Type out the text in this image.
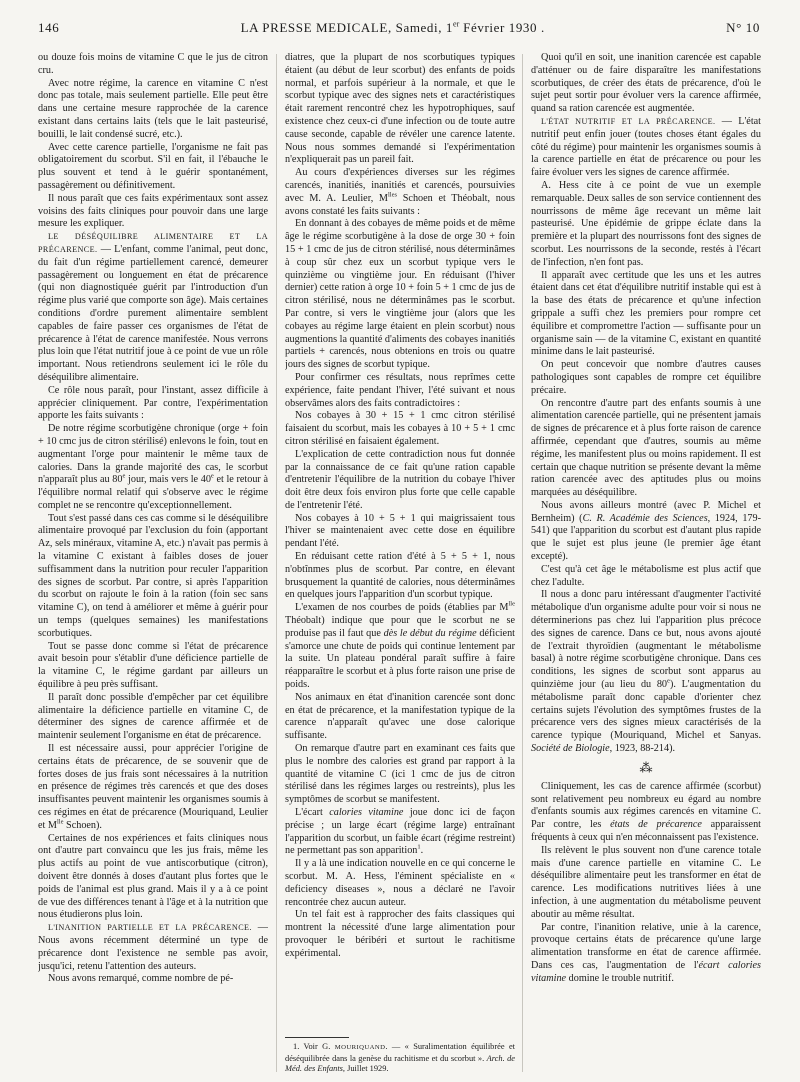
146	LA PRESSE MEDICALE, Samedi, 1er Février 1930 .	N° 10

ou douze fois moins de vitamine C que le jus de citron cru.

Avec notre régime, la carence en vitamine C n'est donc pas totale, mais seulement partielle. Elle peut être dans une certaine mesure rapprochée de la carence existant dans certains laits (tels que le lait pasteurisé, bouilli, le lait condensé sucré, etc.).

Avec cette carence partielle, l'organisme ne fait pas obligatoirement du scorbut. S'il en fait, il l'ébauche le plus souvent et tend à le guérir spontanément, passagèrement ou définitivement.

Il nous paraît que ces faits expérimentaux sont assez voisins des faits cliniques pour pouvoir dans une large mesure les expliquer.

LE DÉSÉQUILIBRE ALIMENTAIRE ET LA PRÉCARENCE. — L'enfant, comme l'animal, peut donc, du fait d'un régime partiellement carencé, demeurer passagèrement ou longuement en état de précarence (qui non diagnostiquée guérit par l'introduction d'un régime plus varié que comporte son âge). Mais certaines conditions d'ordre purement alimentaire semblent capables de faire passer ces organismes de l'état de précarence à l'état de carence manifestée. Nous verrons plus loin que l'état nutritif joue à ce point de vue un rôle important. Nous retiendrons seulement ici le rôle du déséquilibre alimentaire.

Ce rôle nous paraît, pour l'instant, assez difficile à apprécier cliniquement. Par contre, l'expérimentation apporte les faits suivants :

De notre régime scorbutigène chronique (orge + foin + 10 cmc jus de citron stérilisé) enlevons le foin, tout en augmentant l'orge pour maintenir le même taux de calories. Dans la grande majorité des cas, le scorbut n'apparaît plus au 80e jour, mais vers le 40e et le retour à l'équilibre normal relatif qui s'observe avec le régime complet ne se rencontre qu'exceptionnellement.

Tout s'est passé dans ces cas comme si le déséquilibre alimentaire provoqué par l'exclusion du foin (apportant Az, sels minéraux, vitamine A, etc.) n'avait pas permis à la vitamine C existant à faibles doses de jouer suffisamment dans la nutrition pour reculer l'apparition des signes de scorbut. Par contre, si après l'apparition du scorbut on rajoute le foin à la ration (foin sec sans vitamine C), on tend à améliorer et même à guérir pour un temps (quelques semaines) les manifestations scorbutiques.

Tout se passe donc comme si l'état de précarence avait besoin pour s'établir d'une déficience partielle de la vitamine C, le régime gardant par ailleurs un équilibre à peu près suffisant.

Il paraît donc possible d'empêcher par cet équilibre alimentaire la déficience partielle en vitamine C, de déterminer des signes de carence affirmée et de maintenir seulement l'organisme en état de précarence.

Il est nécessaire aussi, pour apprécier l'origine de certains états de précarence, de se souvenir que de fortes doses de jus frais sont nécessaires à la nutrition en présence de régimes très carencés et que des doses insuffisantes peuvent maintenir les organismes soumis à ces régimes en état de précarence (Mouriquand, Leulier et $M^{lle}$ Schoen).

Certaines de nos expériences et faits cliniques nous ont d'autre part convaincu que les jus frais, même les plus actifs au point de vue antiscorbutique (citron), doivent être donnés à doses d'autant plus fortes que le poids de l'animal est plus grand. Mais il y a à ce point de vue des différences tenant à l'âge et à la nutrition que nous étudierons plus loin.

L'INANITION PARTIELLE ET LA PRÉCARENCE. — Nous avons récemment déterminé un type de précarence dont l'existence ne semble pas avoir, jusqu'ici, retenu l'attention des auteurs.

Nous avons remarqué, comme nombre de pé-

diatres, que la plupart de nos scorbutiques typiques étaient (au début de leur scorbut) des enfants de poids normal, et parfois supérieur à la normale, et que le scorbut typique avec des signes nets et caractéristiques était rarement rencontré chez les hypotrophiques, sauf existence chez ceux-ci d'une infection ou de toute autre cause seconde, capable de révéler une carence latente. Nous nous sommes demandé si l'expérimentation n'expliquerait pas un pareil fait.

Au cours d'expériences diverses sur les régimes carencés, inanitiés, inanitiés et carencés, poursuivies avec M. A. Leulier, $M^{lles}$ Schoen et Théobalt, nous avons constaté les faits suivants :

En donnant à des cobayes de même poids et de même âge le régime scorbutigène à la dose de orge 30 + foin 15 + 1 cmc de jus de citron stérilisé, nous déterminâmes à coup sûr chez eux un scorbut typique vers le quinzième ou vingtième jour. En réduisant (l'hiver dernier) cette ration à orge 10 + foin 5 + 1 cmc de jus de citron stérilisé, nous ne déterminâmes pas le scorbut. Par contre, si vers le vingtième jour (alors que les cobayes au régime large étaient en plein scorbut) nous augmentions la quantité d'aliments des cobayes inanitiés partiels + carencés, nous obtenions en trois ou quatre jours des signes de scorbut typique.

Pour confirmer ces résultats, nous reprîmes cette expérience, faite pendant l'hiver, l'été suivant et nous observâmes alors des faits contradictoires :

Nos cobayes à 30 + 15 + 1 cmc citron stérilisé faisaient du scorbut, mais les cobayes à 10 + 5 + 1 cmc citron stérilisé en faisaient également.

L'explication de cette contradiction nous fut donnée par la connaissance de ce fait qu'une ration capable d'entretenir l'équilibre de la nutrition du cobaye l'hiver doit être deux fois environ plus forte que celle capable de l'entretenir l'été.

Nos cobayes à 10 + 5 + 1 qui maigrissaient tous l'hiver se maintenaient avec cette dose en équilibre pendant l'été.

En réduisant cette ration d'été à 5 + 5 + 1, nous n'obtînmes plus de scorbut. Par contre, en élevant brusquement la quantité de calories, nous déterminâmes en quelques jours l'apparition d'un scorbut typique.

L'examen de nos courbes de poids (établies par $M^{lle}$ Théobalt) indique que pour que le scorbut ne se produise pas il faut que dès le début du régime déficient s'amorce une chute de poids qui continue lentement par la suite. Un plateau pondéral paraît suffire à faire réapparaître le scorbut et à plus forte raison une prise de poids.

Nos animaux en état d'inanition carencée sont donc en état de précarence, et la manifestation typique de la carence n'apparaît qu'avec une dose calorique suffisante.

On remarque d'autre part en examinant ces faits que plus le nombre des calories est grand par rapport à la quantité de vitamine C (ici 1 cmc de jus de citron stérilisé dans les régimes larges ou restreints), plus les symptômes de scorbut se manifestent.

L'écart calories vitamine joue donc ici de façon précise ; un large écart (régime large) entraînant l'apparition du scorbut, un faible écart (régime restreint) ne permettant pas son apparition$^1$.

Il y a là une indication nouvelle en ce qui concerne le scorbut. M. A. Hess, l'éminent spécialiste en « deficiency diseases », nous a déclaré ne l'avoir rencontrée chez aucun auteur.

Un tel fait est à rapprocher des faits classiques qui montrent la nécessité d'une large alimentation pour provoquer le béribéri et surtout le rachitisme expérimental.

1. Voir G. MOURIQUAND. — « Suralimentation équilibrée et déséquilibrée dans la genèse du rachitisme et du scorbut ». Arch. de Méd. des Enfants, Juillet 1929.

Quoi qu'il en soit, une inanition carencée est capable d'atténuer ou de faire disparaître les manifestations scorbutiques, de créer des états de précarence, d'où le sujet peut sortir pour évoluer vers la carence affirmée, quand sa ration carencée est augmentée.

L'ÉTAT NUTRITIF ET LA PRÉCARENCE. — L'état nutritif peut enfin jouer (toutes choses étant égales du côté du régime) pour maintenir les organismes soumis à la carence partielle en état de précarence ou pour les faire évoluer vers les signes de carence affirmée.

A. Hess cite à ce point de vue un exemple remarquable. Deux salles de son service contiennent des nourrissons de même âge recevant un même lait pasteurisé. Une épidémie de grippe éclate dans la première et la plupart des nourrissons font des signes de scorbut. Les nourrissons de la seconde, restés à l'écart de l'infection, n'en font pas.

Il apparaît avec certitude que les uns et les autres étaient dans cet état d'équilibre nutritif instable qui est à la base des états de précarence et qu'une infection grippale a suffi chez les premiers pour rompre cet équilibre et compromettre l'action — suffisante pour un organisme sain — de la vitamine C, existant en quantité minime dans le lait pasteurisé.

On peut concevoir que nombre d'autres causes pathologiques sont capables de rompre cet équilibre précaire.

On rencontre d'autre part des enfants soumis à une alimentation carencée partielle, qui ne présentent jamais de signes de précarence et à plus forte raison de carence affirmée, cependant que d'autres, soumis au même régime, les manifestent plus ou moins rapidement. Il est certain que chaque nutrition se présente devant la même ration carencée avec des aptitudes plus ou moins marquées au déséquilibre.

Nous avons ailleurs montré (avec P. Michel et Bernheim) (C. R. Académie des Sciences, 1924, 179-541) que l'apparition du scorbut est d'autant plus rapide que le sujet est plus jeune (le premier âge étant excepté).

C'est qu'à cet âge le métabolisme est plus actif que chez l'adulte.

Il nous a donc paru intéressant d'augmenter l'activité métabolique d'un organisme adulte pour voir si nous ne déterminerions pas chez lui l'apparition plus précoce des signes de carence. Dans ce but, nous avons ajouté de l'extrait thyroïdien (augmentant le métabolisme basal) à notre régime scorbutigène chronique. Dans ces conditions, les signes de scorbut sont apparus au quinzième jour (au lieu du 80e). L'augmentation du métabolisme paraît donc capable d'orienter chez certains sujets l'évolution des symptômes frustes de la précarence vers des signes mieux caractérisés de la carence typique (Mouriquand, Michel et Sanyas. Société de Biologie, 1923, 88-214).

⁂

Cliniquement, les cas de carence affirmée (scorbut) sont relativement peu nombreux eu égard au nombre d'enfants soumis aux régimes carencés en vitamine C. Par contre, les états de précarence apparaissent fréquents à ceux qui n'en méconnaissent pas l'existence.

Ils relèvent le plus souvent non d'une carence totale mais d'une carence partielle en vitamine C. Le déséquilibre alimentaire peut les transformer en état de carence. Les modifications nutritives liées à une infection, à une augmentation du métabolisme peuvent aboutir au même résultat.

Par contre, l'inanition relative, unie à la carence, provoque certains états de précarence qu'une large alimentation transforme en état de carence affirmée. Dans ces cas, l'augmentation de l'écart calories vitamine domine le trouble nutritif.
